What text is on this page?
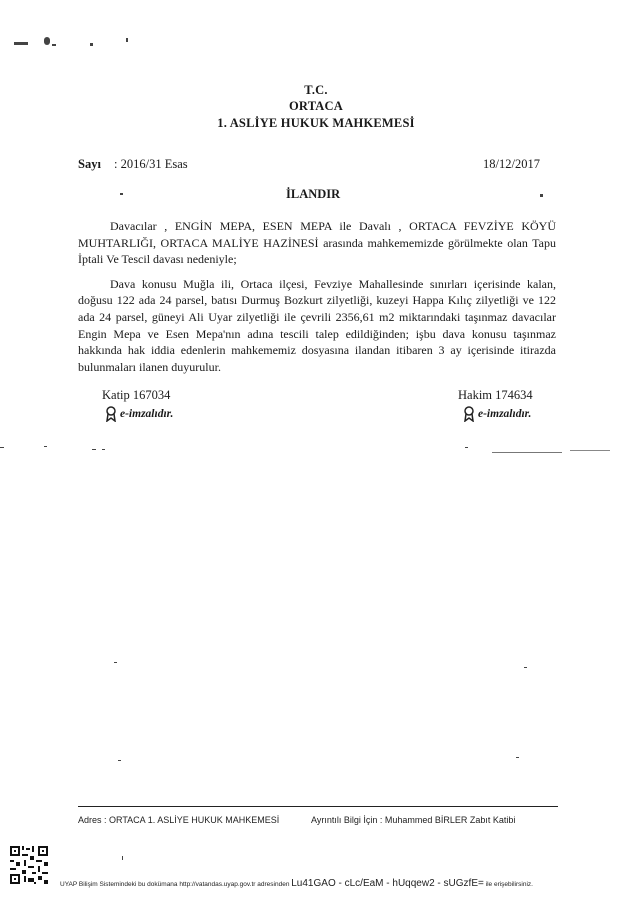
T.C.
ORTACA
1. ASLİYE HUKUK MAHKEMESİ
Sayı : 2016/31 Esas	18/12/2017
İLANDIR

Davacılar , ENGİN MEPA, ESEN MEPA ile Davalı , ORTACA FEVZİYE KÖYÜ MUHTARLIĞI, ORTACA MALİYE HAZİNESİ arasında mahkememizde görülmekte olan Tapu İptali Ve Tescil davası nedeniyle;

Dava konusu Muğla ili, Ortaca ilçesi, Fevziye Mahallesinde sınırları içerisinde kalan, doğusu 122 ada 24 parsel, batısı Durmuş Bozkurt zilyetliği, kuzeyi Happa Kılıç zilyetliği ve 122 ada 24 parsel, güneyi Ali Uyar zilyetliği ile çevrili 2356,61 m2 miktarındaki taşınmaz davacılar Engin Mepa ve Esen Mepa'nın adına tescili talep edildiğinden; işbu dava konusu taşınmaz hakkında hak iddia edenlerin mahkememiz dosyasına ilandan itibaren 3 ay içerisinde itirazda bulunmaları ilanen duyurulur.

Katip 167034
e-imzalıdır.
Hakim 174634
e-imzalıdır.
Adres : ORTACA 1. ASLİYE HUKUK MAHKEMESİ	Ayrıntılı Bilgi İçin : Muhammed BİRLER Zabıt Katibi
UYAP Bilişim Sistemindeki bu dokümana http://vatandas.uyap.gov.tr adresinden Lu41GAO - cLc/EaM - hUqqew2 - sUGzfE= ile erişebilirsiniz.
